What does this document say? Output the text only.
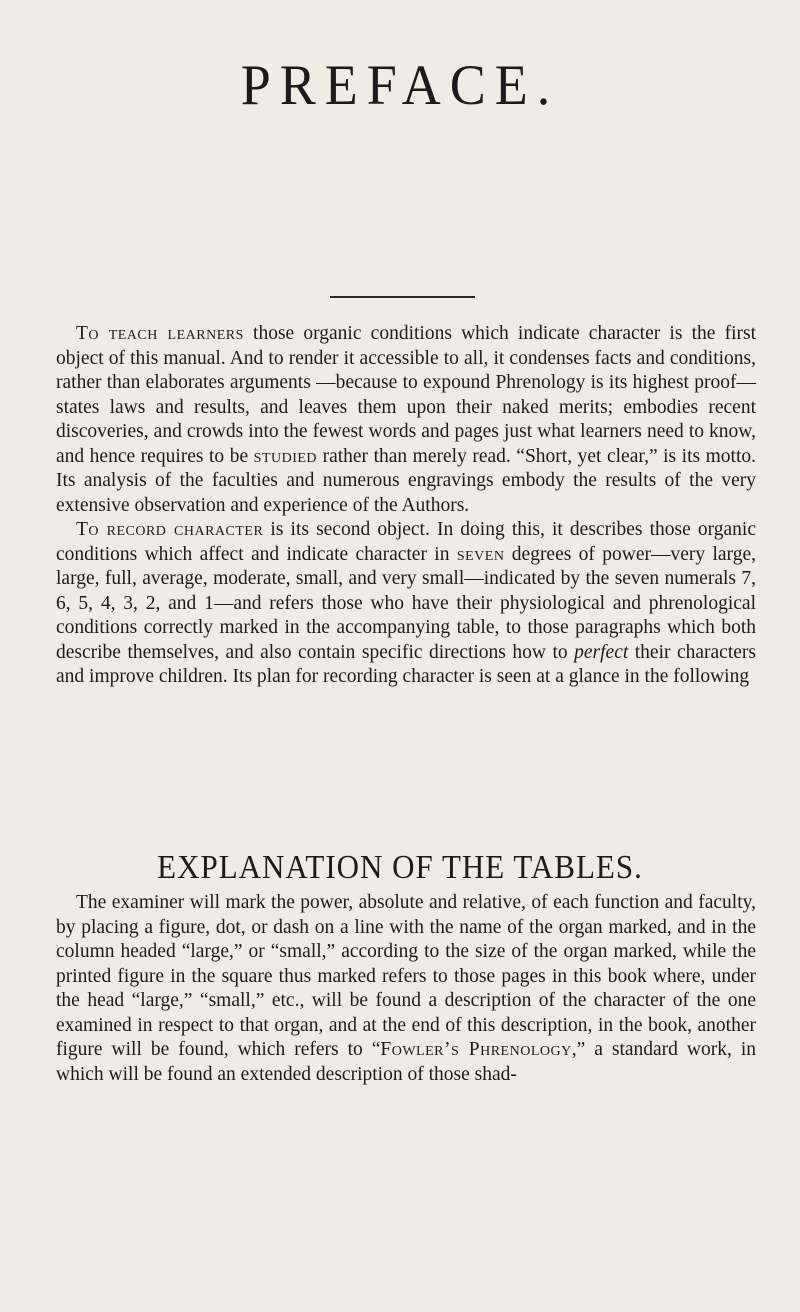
PREFACE.

To teach learners those organic conditions which indicate character is the first object of this manual. And to render it accessible to all, it condenses facts and conditions, rather than elaborates arguments —because to expound Phrenology is its highest proof—states laws and results, and leaves them upon their naked merits; embodies recent discoveries, and crowds into the fewest words and pages just what learners need to know, and hence requires to be studied rather than merely read. “Short, yet clear,” is its motto. Its analysis of the faculties and numerous engravings embody the results of the very extensive observation and experience of the Authors.

To record character is its second object. In doing this, it describes those organic conditions which affect and indicate character in seven degrees of power—very large, large, full, average, moderate, small, and very small—indicated by the seven numerals 7, 6, 5, 4, 3, 2, and 1—and refers those who have their physiological and phrenological conditions correctly marked in the accompanying table, to those paragraphs which both describe themselves, and also contain specific directions how to perfect their characters and improve children. Its plan for recording character is seen at a glance in the following

EXPLANATION OF THE TABLES.

The examiner will mark the power, absolute and relative, of each function and faculty, by placing a figure, dot, or dash on a line with the name of the organ marked, and in the column headed “large,” or “small,” according to the size of the organ marked, while the printed figure in the square thus marked refers to those pages in this book where, under the head “large,” “small,” etc., will be found a description of the character of the one examined in respect to that organ, and at the end of this description, in the book, another figure will be found, which refers to “Fowler’s Phrenology,” a standard work, in which will be found an extended description of those shad-
